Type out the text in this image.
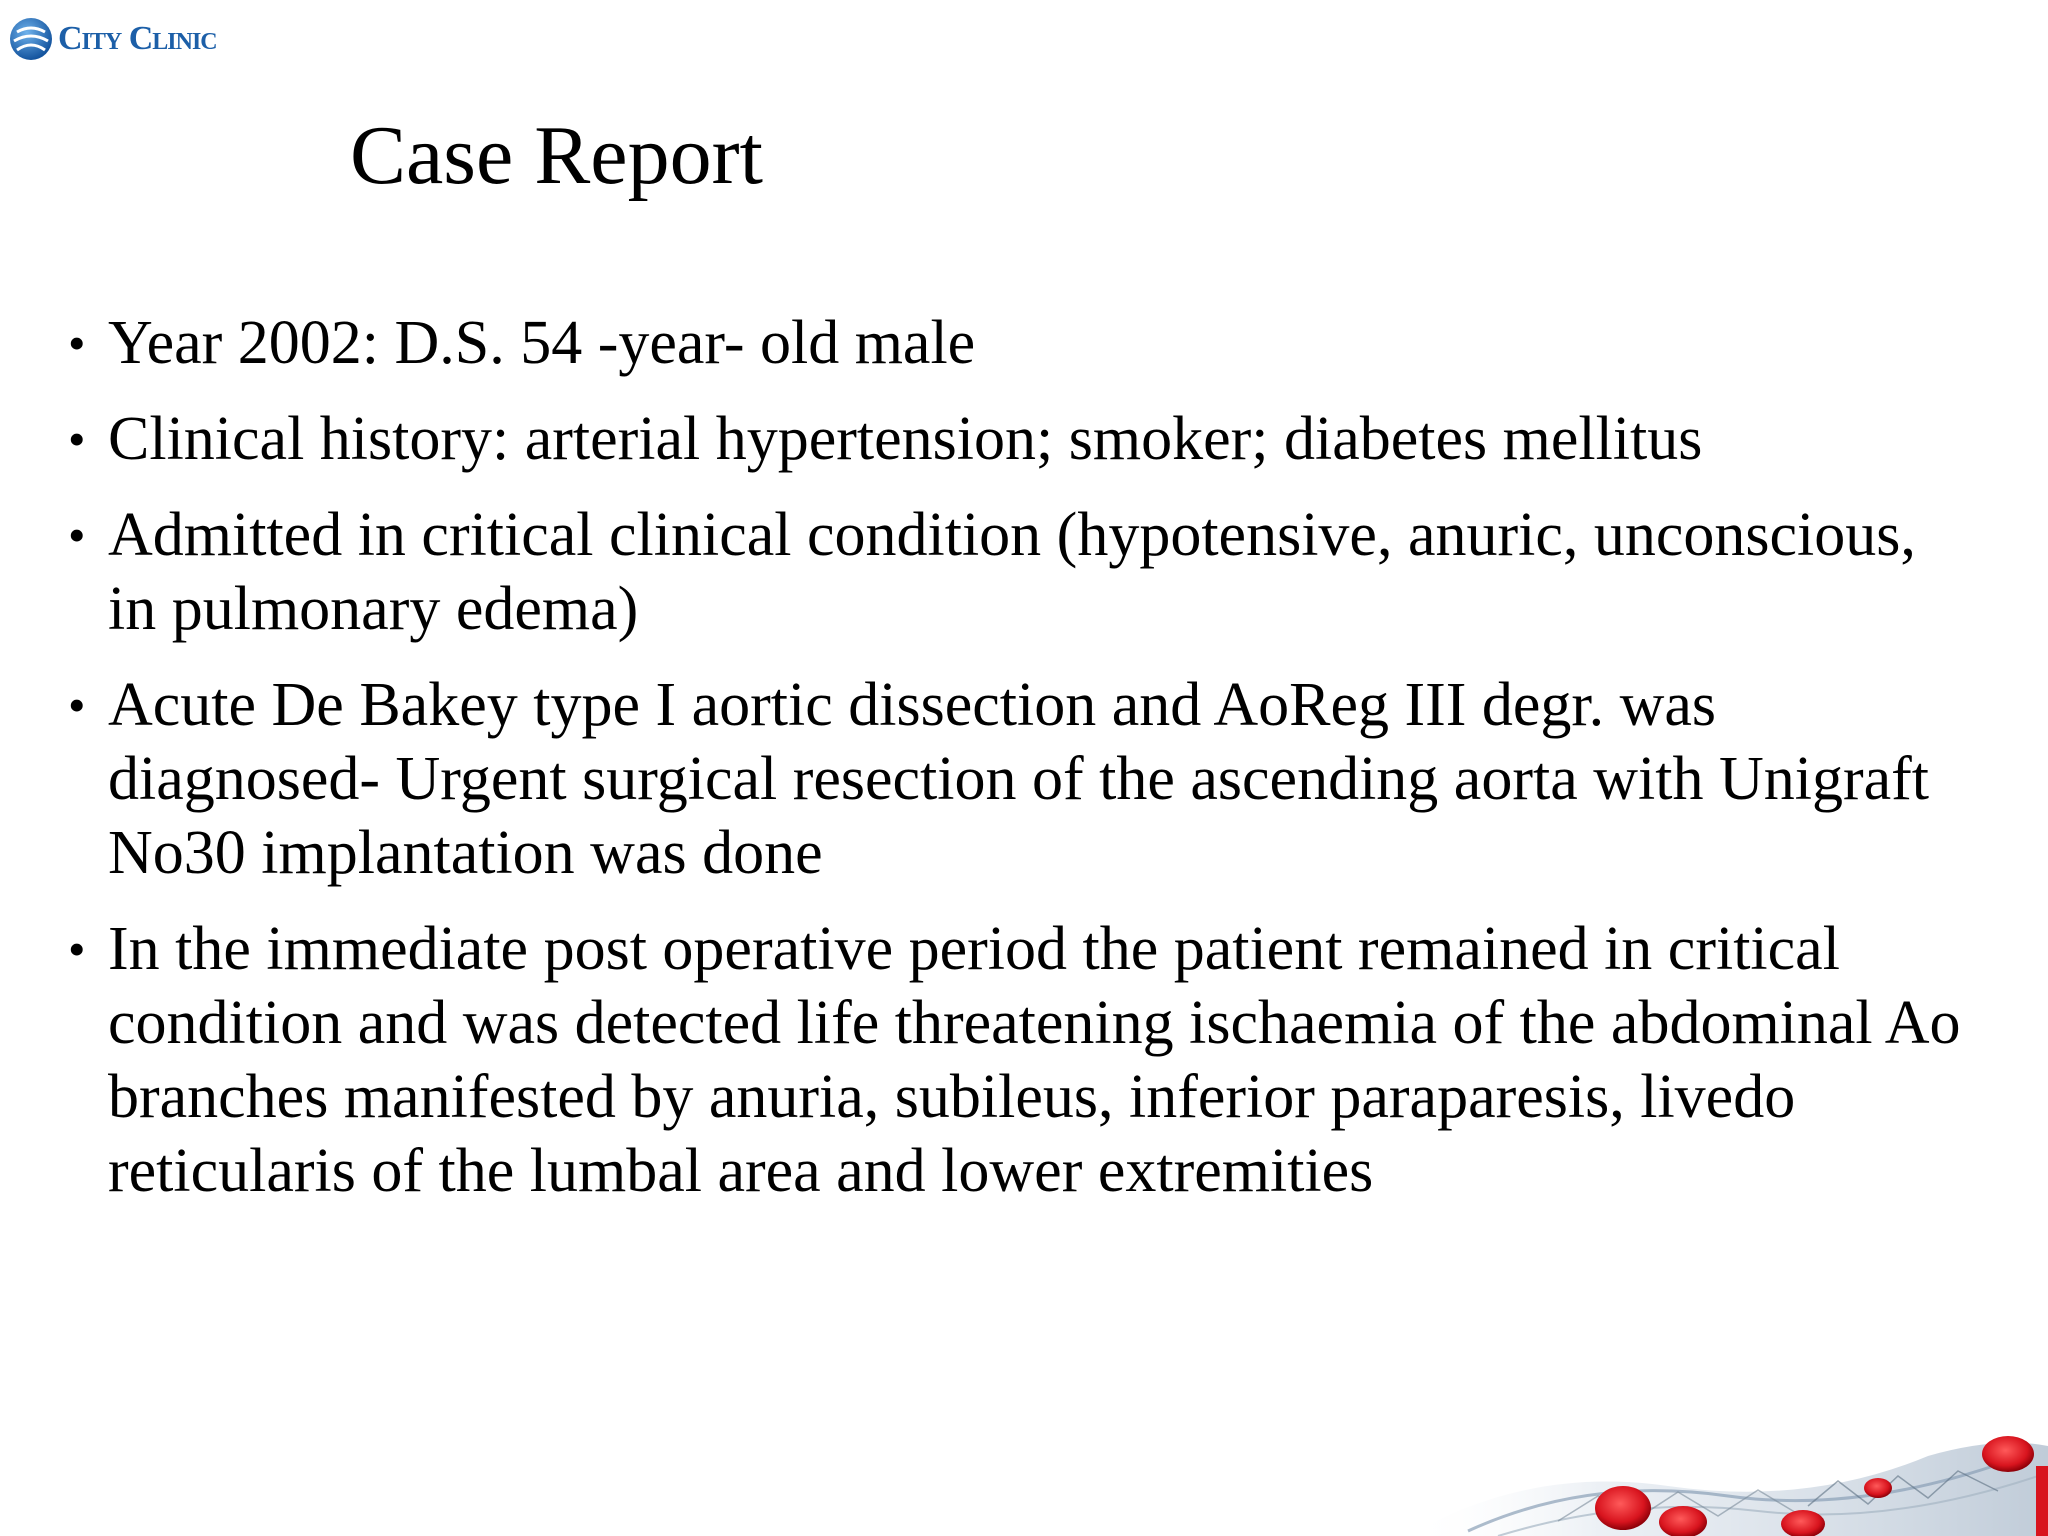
City Clinic
Case Report
• Year 2002: D.S. 54 -year- old male
• Clinical history: arterial hypertension; smoker; diabetes mellitus
• Admitted in critical clinical condition (hypotensive, anuric, unconscious, in pulmonary edema)
• Acute De Bakey type I aortic dissection and AoReg III degr. was diagnosed- Urgent surgical resection of the ascending aorta with Unigraft No30 implantation was done
• In the immediate post operative period the patient remained in critical condition and was detected life threatening ischaemia of the abdominal Ao branches manifested by anuria, subileus, inferior paraparesis, livedo reticularis of the lumbal area and lower extremities
